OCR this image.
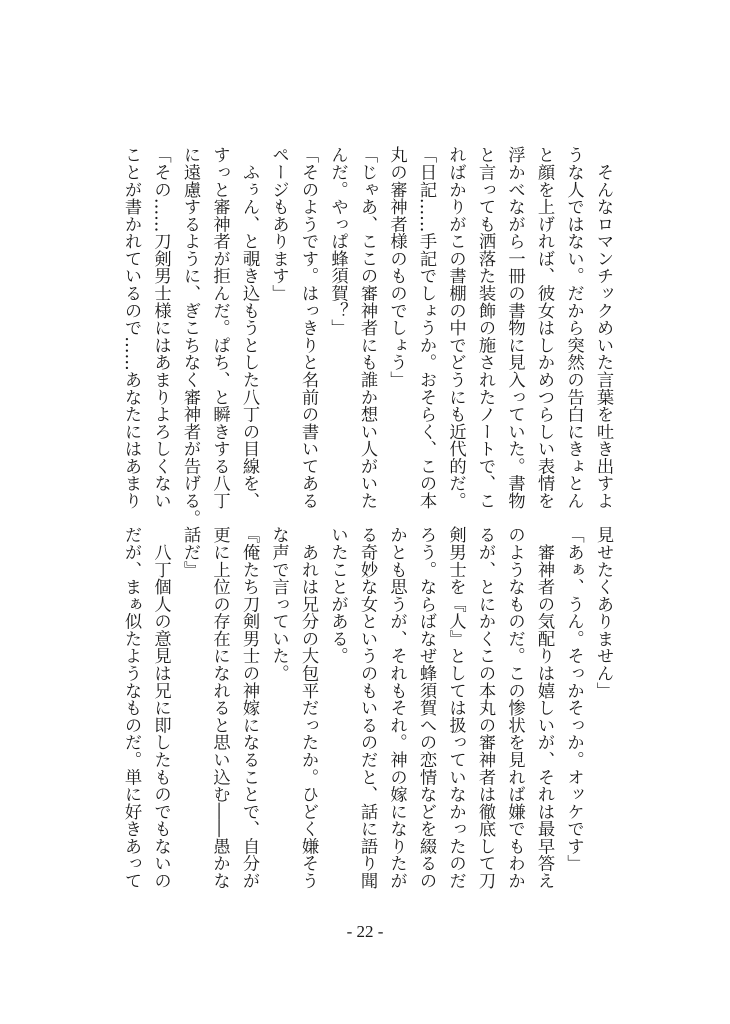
　そんなロマンチックめいた言葉を吐き出すよ
うな人ではない。だから突然の告白にきょとん
と顔を上げれば、彼女はしかめつらしい表情を
浮かべながら一冊の書物に見入っていた。書物
と言っても洒落た装飾の施されたノートで、こ
ればかりがこの書棚の中でどうにも近代的だ。
「日記……手記でしょうか。おそらく、この本
丸の審神者様のものでしょう」
「じゃあ、ここの審神者にも誰か想い人がいた
んだ。やっぱ蜂須賀？」
「そのようです。はっきりと名前の書いてある
ページもあります」
　ふぅん、と覗き込もうとした八丁の目線を、
すっと審神者が拒んだ。ぱち、と瞬きする八丁
に遠慮するように、ぎこちなく審神者が告げる。
「その……刀剣男士様にはあまりよろしくない
ことが書かれているので……あなたにはあまり
見せたくありません」
「あぁ、うん。そっかそっか。オッケです」
　審神者の気配りは嬉しいが、それは最早答え
のようなものだ。この惨状を見れば嫌でもわか
るが、とにかくこの本丸の審神者は徹底して刀
剣男士を『人』としては扱っていなかったのだ
ろう。ならばなぜ蜂須賀への恋情などを綴るの
かとも思うが、それもそれ。神の嫁になりたが
る奇妙な女というのもいるのだと、話に語り聞
いたことがある。
　あれは兄分の大包平だったか。ひどく嫌そう
な声で言っていた。
『俺たち刀剣男士の神嫁になることで、自分が
更に上位の存在になれると思い込む――愚かな
話だ』
　八丁個人の意見は兄に即したものでもないの
だが、まぁ似たようなものだ。単に好きあって
- 22 -
